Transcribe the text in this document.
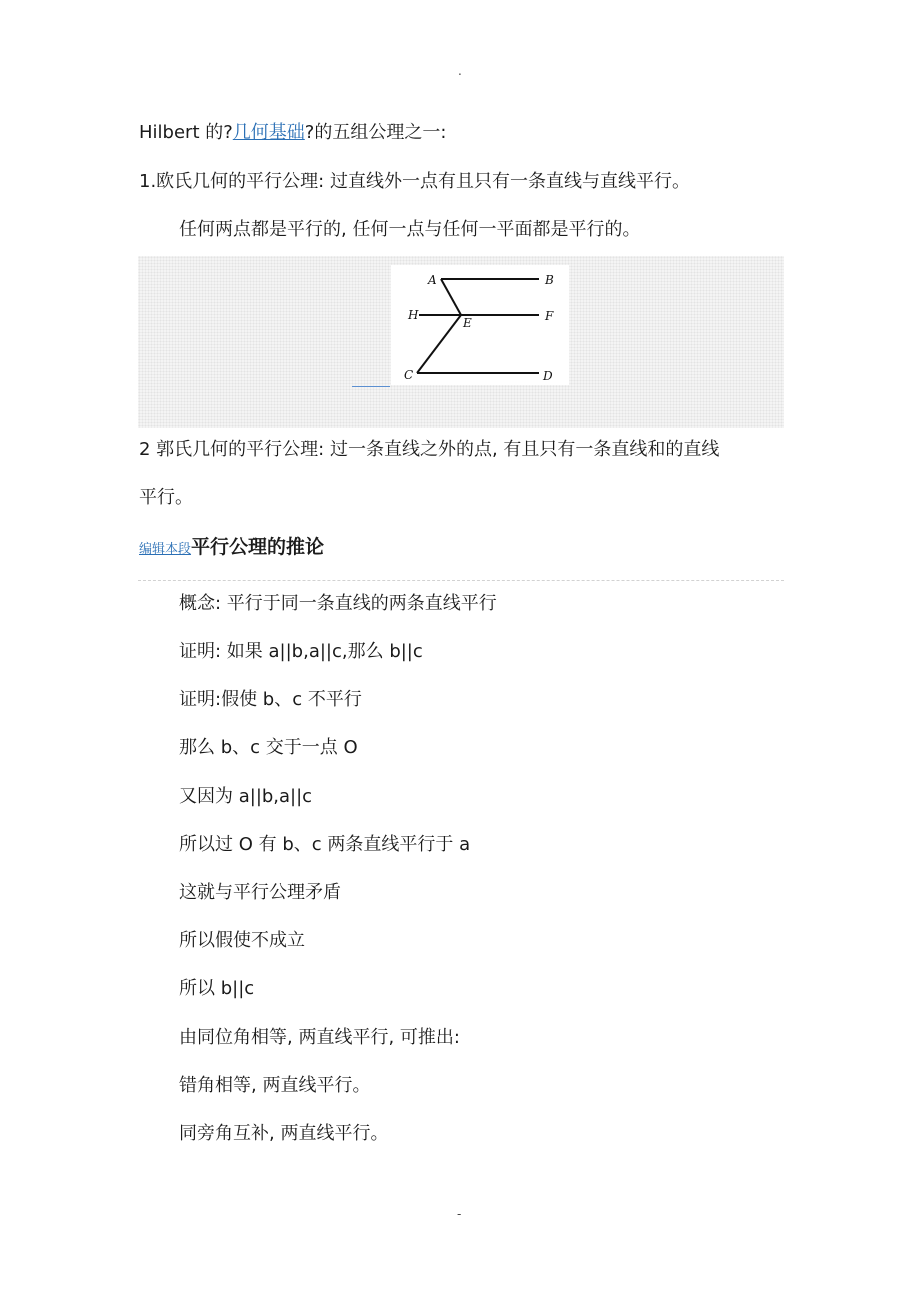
.
Hilbert 的?几何基础?的五组公理之一:
1.欧氏几何的平行公理: 过直线外一点有且只有一条直线与直线平行。
任何两点都是平行的, 任何一点与任何一平面都是平行的。
A	B
H
E	F
C	D
2 郭氏几何的平行公理: 过一条直线之外的点, 有且只有一条直线和的直线
平行。
编辑本段平行公理的推论
概念: 平行于同一条直线的两条直线平行
证明: 如果 a||b,a||c,那么 b||c
证明:假使 b、c 不平行
那么 b、c 交于一点 O
又因为 a||b,a||c
所以过 O 有 b、c 两条直线平行于 a
这就与平行公理矛盾
所以假使不成立
所以 b||c
由同位角相等, 两直线平行, 可推出:
错角相等, 两直线平行。
同旁角互补, 两直线平行。
-
